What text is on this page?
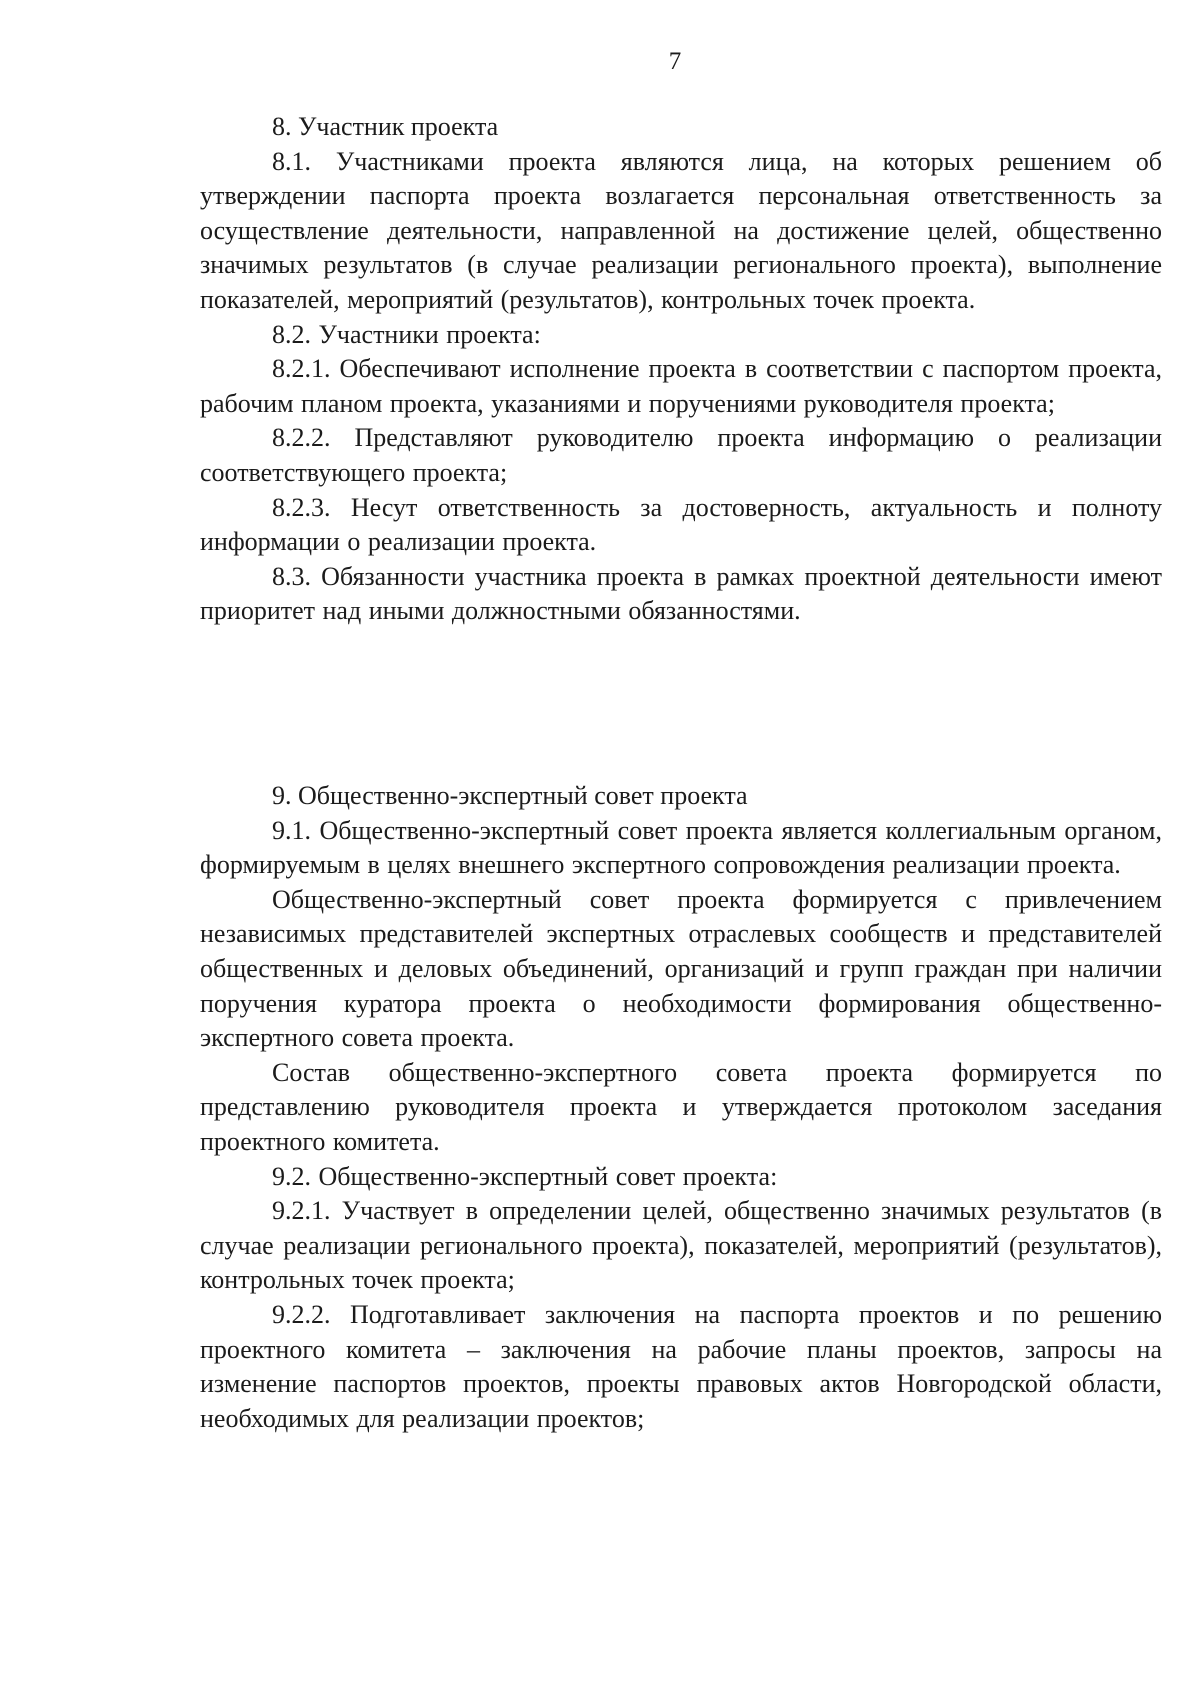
7

8. Участник проекта

8.1. Участниками проекта являются лица, на которых решением об утверждении паспорта проекта возлагается персональная ответственность за осуществление деятельности, направленной на достижение целей, общественно значимых результатов (в случае реализации регионального проекта), выполнение показателей, мероприятий (результатов), контрольных точек проекта.

8.2. Участники проекта:

8.2.1. Обеспечивают исполнение проекта в соответствии с паспортом проекта, рабочим планом проекта, указаниями и поручениями руководителя проекта;

8.2.2. Представляют руководителю проекта информацию о реализации соответствующего проекта;

8.2.3. Несут ответственность за достоверность, актуальность и полноту информации о реализации проекта.

8.3. Обязанности участника проекта в рамках проектной деятельности имеют приоритет над иными должностными обязанностями.

9. Общественно-экспертный совет проекта

9.1. Общественно-экспертный совет проекта является коллегиальным органом, формируемым в целях внешнего экспертного сопровождения реализации проекта.

Общественно-экспертный совет проекта формируется с привлечением независимых представителей экспертных отраслевых сообществ и представителей общественных и деловых объединений, организаций и групп граждан при наличии поручения куратора проекта о необходимости формирования общественно-экспертного совета проекта.

Состав общественно-экспертного совета проекта формируется по представлению руководителя проекта и утверждается протоколом заседания проектного комитета.

9.2. Общественно-экспертный совет проекта:

9.2.1. Участвует в определении целей, общественно значимых результатов (в случае реализации регионального проекта), показателей, мероприятий (результатов), контрольных точек проекта;

9.2.2. Подготавливает заключения на паспорта проектов и по решению проектного комитета – заключения на рабочие планы проектов, запросы на изменение паспортов проектов, проекты правовых актов Новгородской области, необходимых для реализации проектов;
